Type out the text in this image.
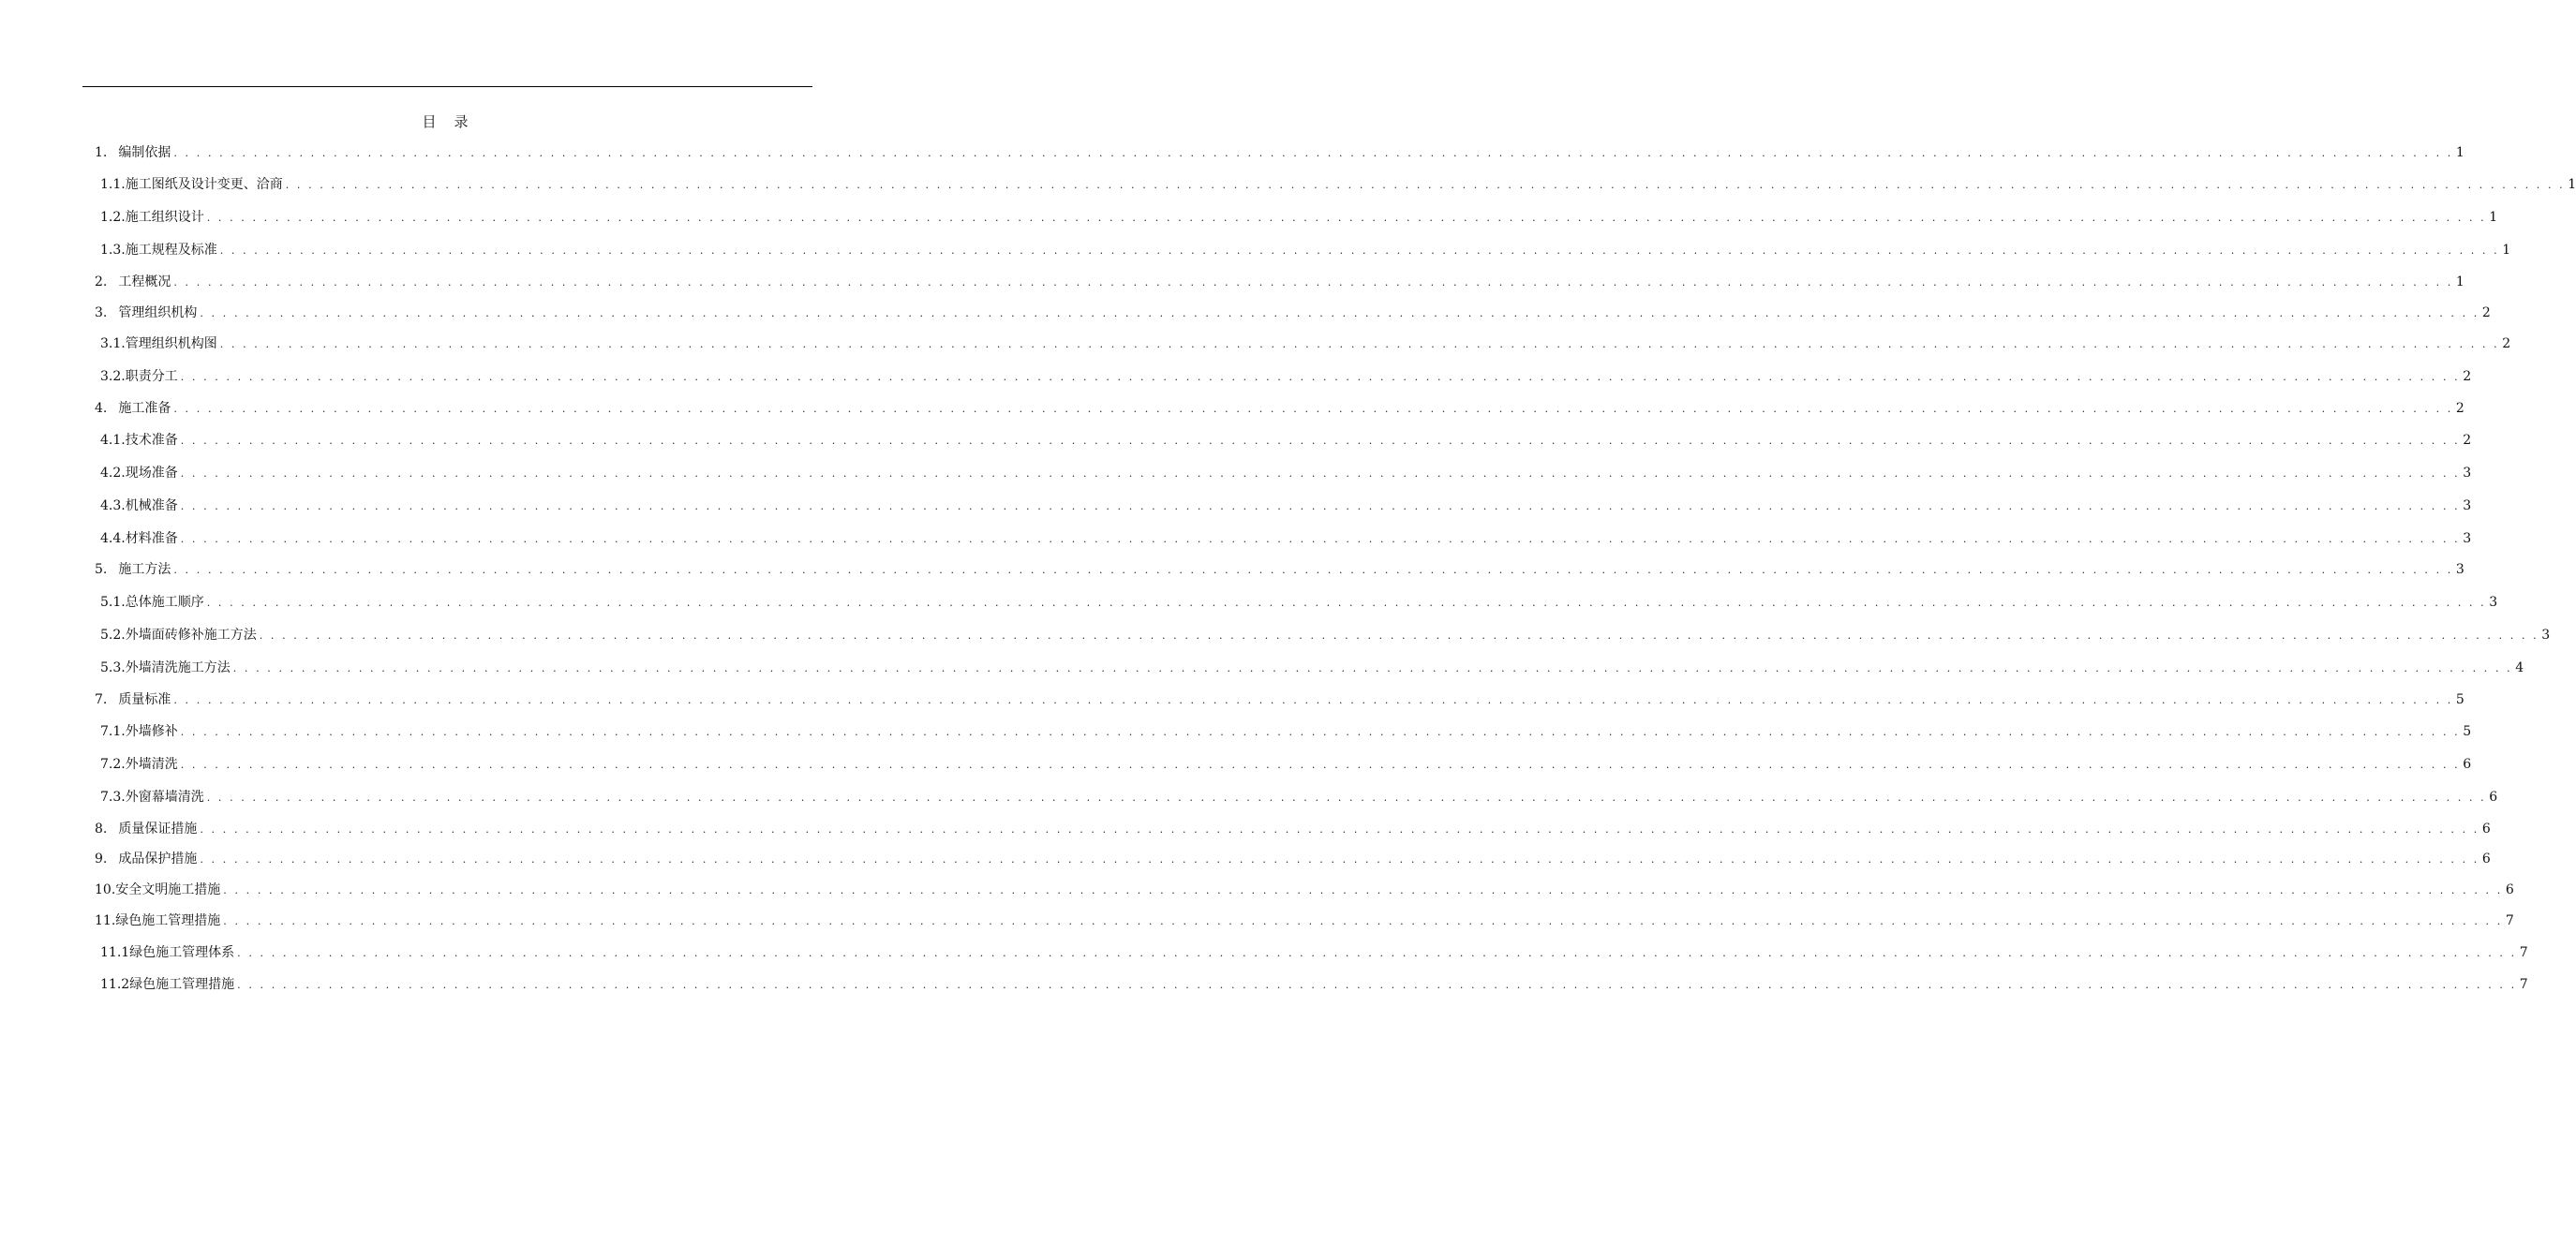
目    录
1. 编制依据 . . . . . . . . . . . . . . . . . . . . . . . . . . . . . . . . . . . . . . . . . . . . . . . . . . . . . . . . . . . . . . . . . . . . . . . . . . . . . . . . . . . . . . . . . . . . . . . . . . . . . . . . . . . . . . . . . . . . . . . . . . . . . . . . . . . . . . . . . . . . . . . . . . . . . . . . . . . . . . . . . . . . . . . . . . . . . . . . . . . . . . . . . . . . . . . . . . . . . . . . 1
1.1. 施工图纸及设计变更、洽商 . . . . . . . . . . . . . . . . . . . . . . . . . . . . . . . . . . . . . . . . . . . . . . . . . . . . . . . . . . . . . . . . . . . . . . . . . . . . . . . . . . . . . . . . . . . . . . . . . . . . . . . . . . . . . . . . . . . . . . . . . . . . . . . . . . . . . . . . . . . . . . . . . . . . . . . . . . . . . . . . . . . . . . . . . . . . . . . . . . . . . . . . . . . . . . . . . . . . . . . . 1
1.2. 施工组织设计 . . . . . . . . . . . . . . . . . . . . . . . . . . . . . . . . . . . . . . . . . . . . . . . . . . . . . . . . . . . . . . . . . . . . . . . . . . . . . . . . . . . . . . . . . . . . . . . . . . . . . . . . . . . . . . . . . . . . . . . . . . . . . . . . . . . . . . . . . . . . . . . . . . . . . . . . . . . . . . . . . . . . . . . . . . . . . . . . . . . . . . . . . . . . . . . . . . . . . . . . 1
1.3. 施工规程及标准 . . . . . . . . . . . . . . . . . . . . . . . . . . . . . . . . . . . . . . . . . . . . . . . . . . . . . . . . . . . . . . . . . . . . . . . . . . . . . . . . . . . . . . . . . . . . . . . . . . . . . . . . . . . . . . . . . . . . . . . . . . . . . . . . . . . . . . . . . . . . . . . . . . . . . . . . . . . . . . . . . . . . . . . . . . . . . . . . . . . . . . . . . . . . . . . . . . . . . . . . 1
2. 工程概况 . . . . . . . . . . . . . . . . . . . . . . . . . . . . . . . . . . . . . . . . . . . . . . . . . . . . . . . . . . . . . . . . . . . . . . . . . . . . . . . . . . . . . . . . . . . . . . . . . . . . . . . . . . . . . . . . . . . . . . . . . . . . . . . . . . . . . . . . . . . . . . . . . . . . . . . . . . . . . . . . . . . . . . . . . . . . . . . . . . . . . . . . . . . . . . . . . . . . . . . . 1
3. 管理组织机构 . . . . . . . . . . . . . . . . . . . . . . . . . . . . . . . . . . . . . . . . . . . . . . . . . . . . . . . . . . . . . . . . . . . . . . . . . . . . . . . . . . . . . . . . . . . . . . . . . . . . . . . . . . . . . . . . . . . . . . . . . . . . . . . . . . . . . . . . . . . . . . . . . . . . . . . . . . . . . . . . . . . . . . . . . . . . . . . . . . . . . . . . . . . . . . . . . . . . . . . . 2
3.1. 管理组织机构图 . . . . . . . . . . . . . . . . . . . . . . . . . . . . . . . . . . . . . . . . . . . . . . . . . . . . . . . . . . . . . . . . . . . . . . . . . . . . . . . . . . . . . . . . . . . . . . . . . . . . . . . . . . . . . . . . . . . . . . . . . . . . . . . . . . . . . . . . . . . . . . . . . . . . . . . . . . . . . . . . . . . . . . . . . . . . . . . . . . . . . . . . . . . . . . . . . . . . . . . . 2
3.2. 职责分工 . . . . . . . . . . . . . . . . . . . . . . . . . . . . . . . . . . . . . . . . . . . . . . . . . . . . . . . . . . . . . . . . . . . . . . . . . . . . . . . . . . . . . . . . . . . . . . . . . . . . . . . . . . . . . . . . . . . . . . . . . . . . . . . . . . . . . . . . . . . . . . . . . . . . . . . . . . . . . . . . . . . . . . . . . . . . . . . . . . . . . . . . . . . . . . . . . . . . . . . . 2
4. 施工准备 . . . . . . . . . . . . . . . . . . . . . . . . . . . . . . . . . . . . . . . . . . . . . . . . . . . . . . . . . . . . . . . . . . . . . . . . . . . . . . . . . . . . . . . . . . . . . . . . . . . . . . . . . . . . . . . . . . . . . . . . . . . . . . . . . . . . . . . . . . . . . . . . . . . . . . . . . . . . . . . . . . . . . . . . . . . . . . . . . . . . . . . . . . . . . . . . . . . . . . . . 2
4.1. 技术准备 . . . . . . . . . . . . . . . . . . . . . . . . . . . . . . . . . . . . . . . . . . . . . . . . . . . . . . . . . . . . . . . . . . . . . . . . . . . . . . . . . . . . . . . . . . . . . . . . . . . . . . . . . . . . . . . . . . . . . . . . . . . . . . . . . . . . . . . . . . . . . . . . . . . . . . . . . . . . . . . . . . . . . . . . . . . . . . . . . . . . . . . . . . . . . . . . . . . . . . . . 2
4.2. 现场准备 . . . . . . . . . . . . . . . . . . . . . . . . . . . . . . . . . . . . . . . . . . . . . . . . . . . . . . . . . . . . . . . . . . . . . . . . . . . . . . . . . . . . . . . . . . . . . . . . . . . . . . . . . . . . . . . . . . . . . . . . . . . . . . . . . . . . . . . . . . . . . . . . . . . . . . . . . . . . . . . . . . . . . . . . . . . . . . . . . . . . . . . . . . . . . . . . . . . . . . . . 3
4.3. 机械准备 . . . . . . . . . . . . . . . . . . . . . . . . . . . . . . . . . . . . . . . . . . . . . . . . . . . . . . . . . . . . . . . . . . . . . . . . . . . . . . . . . . . . . . . . . . . . . . . . . . . . . . . . . . . . . . . . . . . . . . . . . . . . . . . . . . . . . . . . . . . . . . . . . . . . . . . . . . . . . . . . . . . . . . . . . . . . . . . . . . . . . . . . . . . . . . . . . . . . . . . . 3
4.4. 材料准备 . . . . . . . . . . . . . . . . . . . . . . . . . . . . . . . . . . . . . . . . . . . . . . . . . . . . . . . . . . . . . . . . . . . . . . . . . . . . . . . . . . . . . . . . . . . . . . . . . . . . . . . . . . . . . . . . . . . . . . . . . . . . . . . . . . . . . . . . . . . . . . . . . . . . . . . . . . . . . . . . . . . . . . . . . . . . . . . . . . . . . . . . . . . . . . . . . . . . . . . . 3
5. 施工方法 . . . . . . . . . . . . . . . . . . . . . . . . . . . . . . . . . . . . . . . . . . . . . . . . . . . . . . . . . . . . . . . . . . . . . . . . . . . . . . . . . . . . . . . . . . . . . . . . . . . . . . . . . . . . . . . . . . . . . . . . . . . . . . . . . . . . . . . . . . . . . . . . . . . . . . . . . . . . . . . . . . . . . . . . . . . . . . . . . . . . . . . . . . . . . . . . . . . . . . . . 3
5.1. 总体施工顺序 . . . . . . . . . . . . . . . . . . . . . . . . . . . . . . . . . . . . . . . . . . . . . . . . . . . . . . . . . . . . . . . . . . . . . . . . . . . . . . . . . . . . . . . . . . . . . . . . . . . . . . . . . . . . . . . . . . . . . . . . . . . . . . . . . . . . . . . . . . . . . . . . . . . . . . . . . . . . . . . . . . . . . . . . . . . . . . . . . . . . . . . . . . . . . . . . . . . . . . . . 3
5.2. 外墙面砖修补施工方法 . . . . . . . . . . . . . . . . . . . . . . . . . . . . . . . . . . . . . . . . . . . . . . . . . . . . . . . . . . . . . . . . . . . . . . . . . . . . . . . . . . . . . . . . . . . . . . . . . . . . . . . . . . . . . . . . . . . . . . . . . . . . . . . . . . . . . . . . . . . . . . . . . . . . . . . . . . . . . . . . . . . . . . . . . . . . . . . . . . . . . . . . . . . . . . . . . . . . . . . . 3
5.3. 外墙清洗施工方法 . . . . . . . . . . . . . . . . . . . . . . . . . . . . . . . . . . . . . . . . . . . . . . . . . . . . . . . . . . . . . . . . . . . . . . . . . . . . . . . . . . . . . . . . . . . . . . . . . . . . . . . . . . . . . . . . . . . . . . . . . . . . . . . . . . . . . . . . . . . . . . . . . . . . . . . . . . . . . . . . . . . . . . . . . . . . . . . . . . . . . . . . . . . . . . . . . . . . . . . . 4
7. 质量标准 . . . . . . . . . . . . . . . . . . . . . . . . . . . . . . . . . . . . . . . . . . . . . . . . . . . . . . . . . . . . . . . . . . . . . . . . . . . . . . . . . . . . . . . . . . . . . . . . . . . . . . . . . . . . . . . . . . . . . . . . . . . . . . . . . . . . . . . . . . . . . . . . . . . . . . . . . . . . . . . . . . . . . . . . . . . . . . . . . . . . . . . . . . . . . . . . . . . . . . . . 5
7.1. 外墙修补 . . . . . . . . . . . . . . . . . . . . . . . . . . . . . . . . . . . . . . . . . . . . . . . . . . . . . . . . . . . . . . . . . . . . . . . . . . . . . . . . . . . . . . . . . . . . . . . . . . . . . . . . . . . . . . . . . . . . . . . . . . . . . . . . . . . . . . . . . . . . . . . . . . . . . . . . . . . . . . . . . . . . . . . . . . . . . . . . . . . . . . . . . . . . . . . . . . . . . . . . 5
7.2. 外墙清洗 . . . . . . . . . . . . . . . . . . . . . . . . . . . . . . . . . . . . . . . . . . . . . . . . . . . . . . . . . . . . . . . . . . . . . . . . . . . . . . . . . . . . . . . . . . . . . . . . . . . . . . . . . . . . . . . . . . . . . . . . . . . . . . . . . . . . . . . . . . . . . . . . . . . . . . . . . . . . . . . . . . . . . . . . . . . . . . . . . . . . . . . . . . . . . . . . . . . . . . . . 6
7.3. 外窗幕墙清洗 . . . . . . . . . . . . . . . . . . . . . . . . . . . . . . . . . . . . . . . . . . . . . . . . . . . . . . . . . . . . . . . . . . . . . . . . . . . . . . . . . . . . . . . . . . . . . . . . . . . . . . . . . . . . . . . . . . . . . . . . . . . . . . . . . . . . . . . . . . . . . . . . . . . . . . . . . . . . . . . . . . . . . . . . . . . . . . . . . . . . . . . . . . . . . . . . . . . . . . . . 6
8. 质量保证措施 . . . . . . . . . . . . . . . . . . . . . . . . . . . . . . . . . . . . . . . . . . . . . . . . . . . . . . . . . . . . . . . . . . . . . . . . . . . . . . . . . . . . . . . . . . . . . . . . . . . . . . . . . . . . . . . . . . . . . . . . . . . . . . . . . . . . . . . . . . . . . . . . . . . . . . . . . . . . . . . . . . . . . . . . . . . . . . . . . . . . . . . . . . . . . . . . . . . . . . . . 6
9. 成品保护措施 . . . . . . . . . . . . . . . . . . . . . . . . . . . . . . . . . . . . . . . . . . . . . . . . . . . . . . . . . . . . . . . . . . . . . . . . . . . . . . . . . . . . . . . . . . . . . . . . . . . . . . . . . . . . . . . . . . . . . . . . . . . . . . . . . . . . . . . . . . . . . . . . . . . . . . . . . . . . . . . . . . . . . . . . . . . . . . . . . . . . . . . . . . . . . . . . . . . . . . . . 6
10. 安全文明施工措施 . . . . . . . . . . . . . . . . . . . . . . . . . . . . . . . . . . . . . . . . . . . . . . . . . . . . . . . . . . . . . . . . . . . . . . . . . . . . . . . . . . . . . . . . . . . . . . . . . . . . . . . . . . . . . . . . . . . . . . . . . . . . . . . . . . . . . . . . . . . . . . . . . . . . . . . . . . . . . . . . . . . . . . . . . . . . . . . . . . . . . . . . . . . . . . . . . . . . . . . . 6
11. 绿色施工管理措施 . . . . . . . . . . . . . . . . . . . . . . . . . . . . . . . . . . . . . . . . . . . . . . . . . . . . . . . . . . . . . . . . . . . . . . . . . . . . . . . . . . . . . . . . . . . . . . . . . . . . . . . . . . . . . . . . . . . . . . . . . . . . . . . . . . . . . . . . . . . . . . . . . . . . . . . . . . . . . . . . . . . . . . . . . . . . . . . . . . . . . . . . . . . . . . . . . . . . . . . . 7
11.1 绿色施工管理体系 . . . . . . . . . . . . . . . . . . . . . . . . . . . . . . . . . . . . . . . . . . . . . . . . . . . . . . . . . . . . . . . . . . . . . . . . . . . . . . . . . . . . . . . . . . . . . . . . . . . . . . . . . . . . . . . . . . . . . . . . . . . . . . . . . . . . . . . . . . . . . . . . . . . . . . . . . . . . . . . . . . . . . . . . . . . . . . . . . . . . . . . . . . . . . . . . . . . . . . . . 7
11.2 绿色施工管理措施 . . . . . . . . . . . . . . . . . . . . . . . . . . . . . . . . . . . . . . . . . . . . . . . . . . . . . . . . . . . . . . . . . . . . . . . . . . . . . . . . . . . . . . . . . . . . . . . . . . . . . . . . . . . . . . . . . . . . . . . . . . . . . . . . . . . . . . . . . . . . . . . . . . . . . . . . . . . . . . . . . . . . . . . . . . . . . . . . . . . . . . . . . . . . . . . . . . . . . . . . 7
